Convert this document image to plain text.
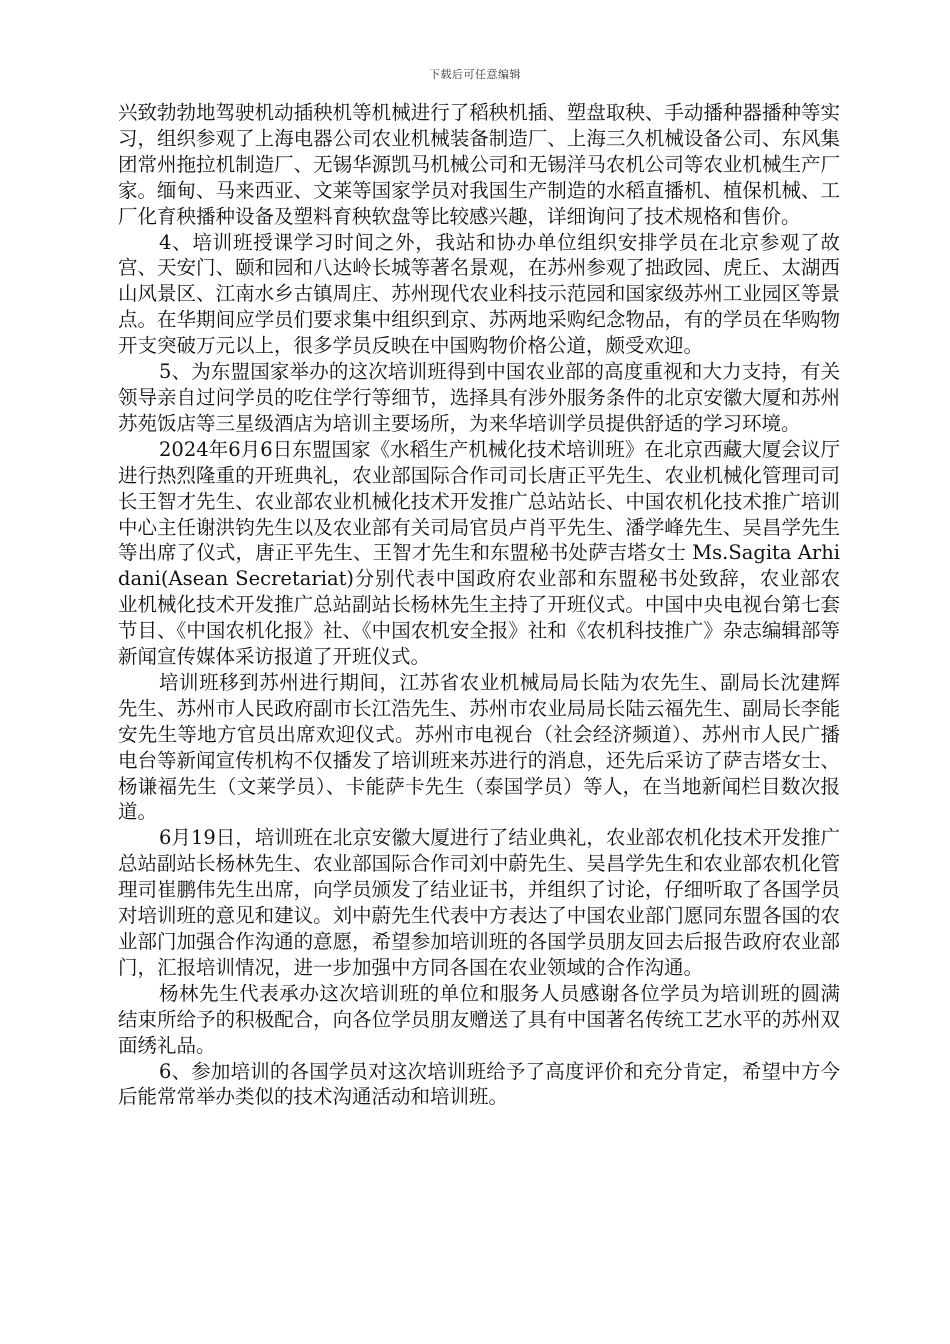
下载后可任意编辑

兴致勃勃地驾驶机动插秧机等机械进行了稻秧机插、塑盘取秧、手动播种器播种等实习，组织参观了上海电器公司农业机械装备制造厂、上海三久机械设备公司、东风集团常州拖拉机制造厂、无锡华源凯马机械公司和无锡洋马农机公司等农业机械生产厂家。缅甸、马来西亚、文莱等国家学员对我国生产制造的水稻直播机、植保机械、工厂化育秧播种设备及塑料育秧软盘等比较感兴趣，详细询问了技术规格和售价。

4、培训班授课学习时间之外，我站和协办单位组织安排学员在北京参观了故宫、天安门、颐和园和八达岭长城等著名景观，在苏州参观了拙政园、虎丘、太湖西山风景区、江南水乡古镇周庄、苏州现代农业科技示范园和国家级苏州工业园区等景点。在华期间应学员们要求集中组织到京、苏两地采购纪念物品，有的学员在华购物开支突破万元以上，很多学员反映在中国购物价格公道，颇受欢迎。

5、为东盟国家举办的这次培训班得到中国农业部的高度重视和大力支持，有关领导亲自过问学员的吃住学行等细节，选择具有涉外服务条件的北京安徽大厦和苏州苏苑饭店等三星级酒店为培训主要场所，为来华培训学员提供舒适的学习环境。

2024年6月6日东盟国家《水稻生产机械化技术培训班》在北京西藏大厦会议厅进行热烈隆重的开班典礼，农业部国际合作司司长唐正平先生、农业机械化管理司司长王智才先生、农业部农业机械化技术开发推广总站站长、中国农机化技术推广培训中心主任谢洪钧先生以及农业部有关司局官员卢肖平先生、潘学峰先生、吴昌学先生等出席了仪式，唐正平先生、王智才先生和东盟秘书处萨吉塔女士 Ms.Sagita Arhidani(Asean Secretariat)分别代表中国政府农业部和东盟秘书处致辞，农业部农业机械化技术开发推广总站副站长杨林先生主持了开班仪式。中国中央电视台第七套节目、《中国农机化报》社、《中国农机安全报》社和《农机科技推广》杂志编辑部等新闻宣传媒体采访报道了开班仪式。

培训班移到苏州进行期间，江苏省农业机械局局长陆为农先生、副局长沈建辉先生、苏州市人民政府副市长江浩先生、苏州市农业局局长陆云福先生、副局长李能安先生等地方官员出席欢迎仪式。苏州市电视台（社会经济频道）、苏州市人民广播电台等新闻宣传机构不仅播发了培训班来苏进行的消息，还先后采访了萨吉塔女士、杨谦福先生（文莱学员）、卡能萨卡先生（泰国学员）等人，在当地新闻栏目数次报道。

6月19日，培训班在北京安徽大厦进行了结业典礼，农业部农机化技术开发推广总站副站长杨林先生、农业部国际合作司刘中蔚先生、吴昌学先生和农业部农机化管理司崔鹏伟先生出席，向学员颁发了结业证书，并组织了讨论，仔细听取了各国学员对培训班的意见和建议。刘中蔚先生代表中方表达了中国农业部门愿同东盟各国的农业部门加强合作沟通的意愿，希望参加培训班的各国学员朋友回去后报告政府农业部门，汇报培训情况，进一步加强中方同各国在农业领域的合作沟通。

杨林先生代表承办这次培训班的单位和服务人员感谢各位学员为培训班的圆满结束所给予的积极配合，向各位学员朋友赠送了具有中国著名传统工艺水平的苏州双面绣礼品。

6、参加培训的各国学员对这次培训班给予了高度评价和充分肯定，希望中方今后能常常举办类似的技术沟通活动和培训班。
